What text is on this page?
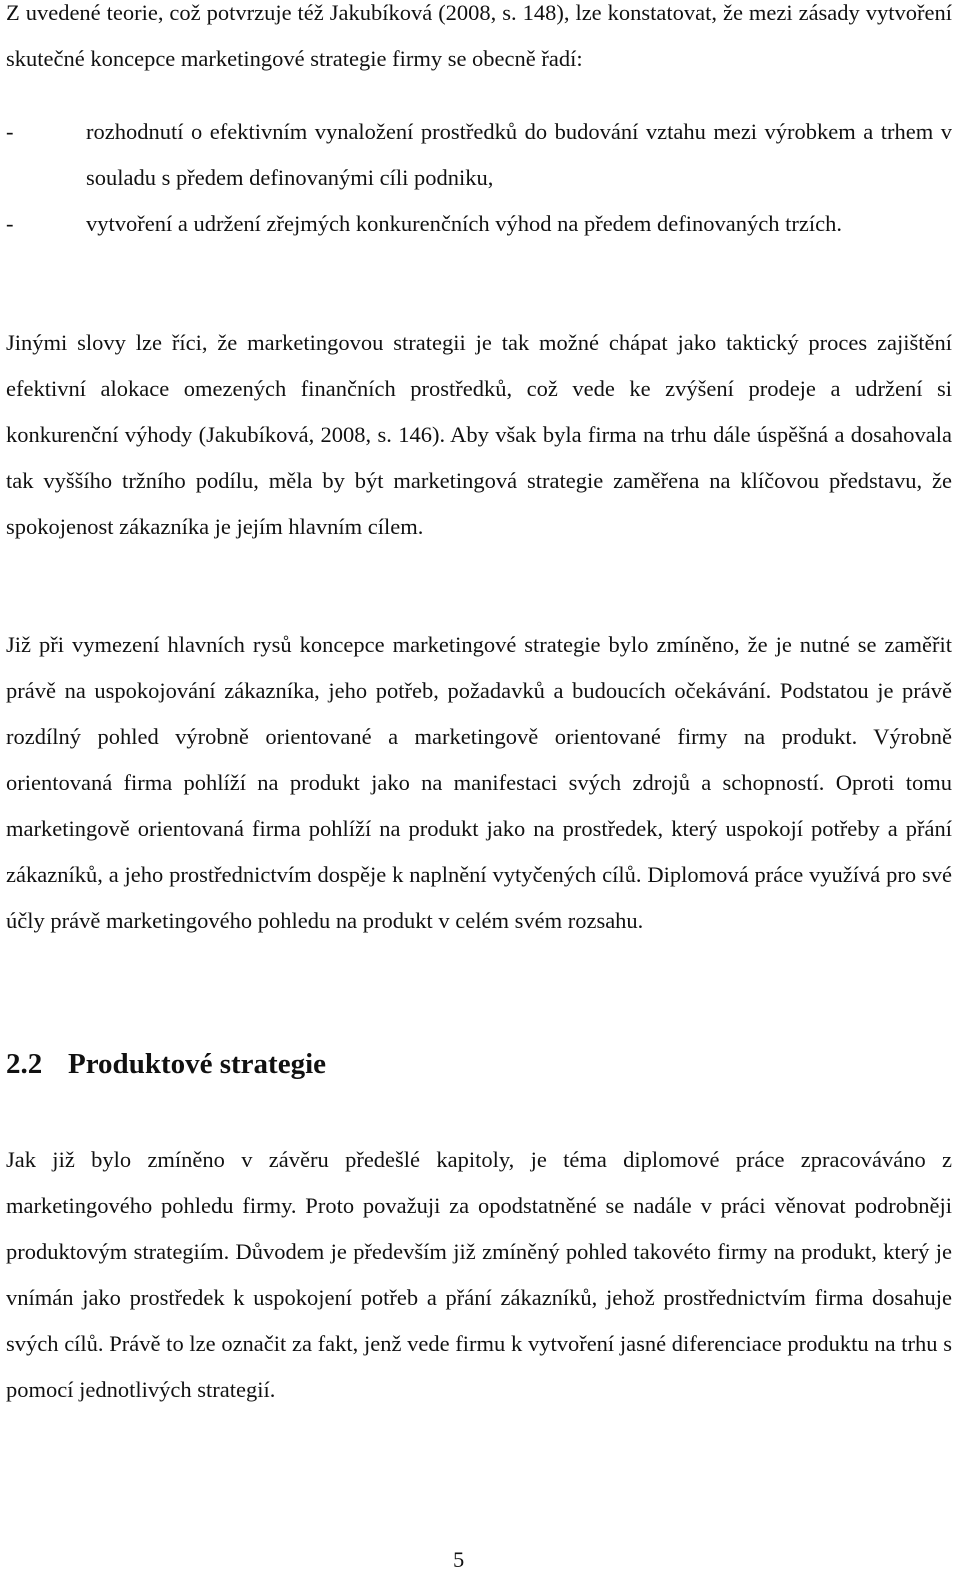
Z uvedené teorie, což potvrzuje též Jakubíková (2008, s. 148), lze konstatovat, že mezi zásady vytvoření skutečné koncepce marketingové strategie firmy se obecně řadí:

-	rozhodnutí o efektivním vynaložení prostředků do budování vztahu mezi výrobkem a trhem v souladu s předem definovanými cíli podniku,
-	vytvoření a udržení zřejmých konkurenčních výhod na předem definovaných trzích.

Jinými slovy lze říci, že marketingovou strategii je tak možné chápat jako taktický proces zajištění efektivní alokace omezených finančních prostředků, což vede ke zvýšení prodeje a udržení si konkurenční výhody (Jakubíková, 2008, s. 146). Aby však byla firma na trhu dále úspěšná a dosahovala tak vyššího tržního podílu, měla by být marketingová strategie zaměřena na klíčovou představu, že spokojenost zákazníka je jejím hlavním cílem.

Již při vymezení hlavních rysů koncepce marketingové strategie bylo zmíněno, že je nutné se zaměřit právě na uspokojování zákazníka, jeho potřeb, požadavků a budoucích očekávání. Podstatou je právě rozdílný pohled výrobně orientované a marketingově orientované firmy na produkt. Výrobně orientovaná firma pohlíží na produkt jako na manifestaci svých zdrojů a schopností. Oproti tomu marketingově orientovaná firma pohlíží na produkt jako na prostředek, který uspokojí potřeby a přání zákazníků, a jeho prostřednictvím dospěje k naplnění vytyčených cílů. Diplomová práce využívá pro své účly právě marketingového pohledu na produkt v celém svém rozsahu.

2.2 Produktové strategie

Jak již bylo zmíněno v závěru předešlé kapitoly, je téma diplomové práce zpracováváno z marketingového pohledu firmy. Proto považuji za opodstatněné se nadále v práci věnovat podrobněji produktovým strategiím. Důvodem je především již zmíněný pohled takovéto firmy na produkt, který je vnímán jako prostředek k uspokojení potřeb a přání zákazníků, jehož prostřednictvím firma dosahuje svých cílů. Právě to lze označit za fakt, jenž vede firmu k vytvoření jasné diferenciace produktu na trhu s pomocí jednotlivých strategií.

5
